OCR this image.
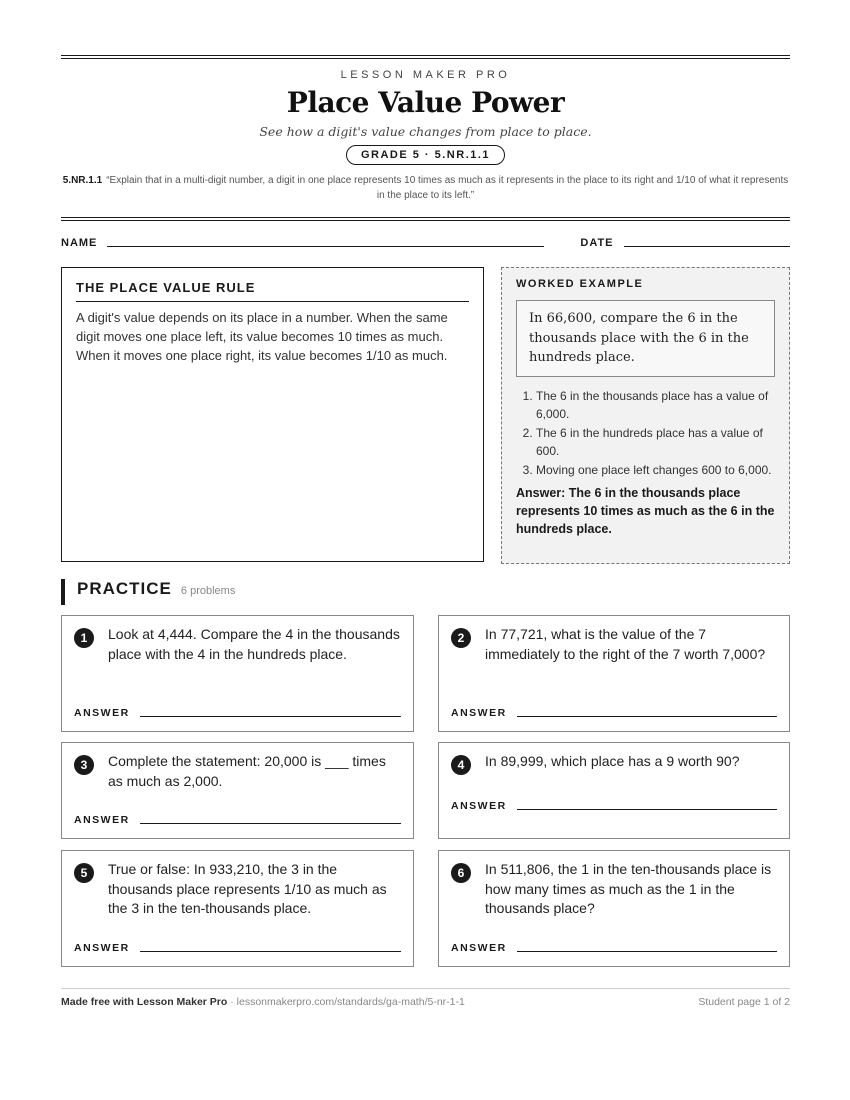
LESSON MAKER PRO
Place Value Power
See how a digit's value changes from place to place.
GRADE 5 · 5.NR.1.1
5.NR.1.1 “Explain that in a multi-digit number, a digit in one place represents 10 times as much as it represents in the place to its right and 1/10 of what it represents in the place to its left.”
NAME	DATE
THE PLACE VALUE RULE
A digit's value depends on its place in a number. When the same digit moves one place left, its value becomes 10 times as much. When it moves one place right, its value becomes 1/10 as much.
WORKED EXAMPLE
In 66,600, compare the 6 in the thousands place with the 6 in the hundreds place.
1. The 6 in the thousands place has a value of 6,000.
2. The 6 in the hundreds place has a value of 600.
3. Moving one place left changes 600 to 6,000.
Answer: The 6 in the thousands place represents 10 times as much as the 6 in the hundreds place.
PRACTICE 6 problems
1	Look at 4,444. Compare the 4 in the thousands place with the 4 in the hundreds place.
ANSWER
2	In 77,721, what is the value of the 7 immediately to the right of the 7 worth 7,000?
ANSWER
3	Complete the statement: 20,000 is ___ times as much as 2,000.
ANSWER
4	In 89,999, which place has a 9 worth 90?
ANSWER
5	True or false: In 933,210, the 3 in the thousands place represents 1/10 as much as the 3 in the ten-thousands place.
ANSWER
6	In 511,806, the 1 in the ten-thousands place is how many times as much as the 1 in the thousands place?
ANSWER
Made free with Lesson Maker Pro · lessonmakerpro.com/standards/ga-math/5-nr-1-1	Student page 1 of 2
